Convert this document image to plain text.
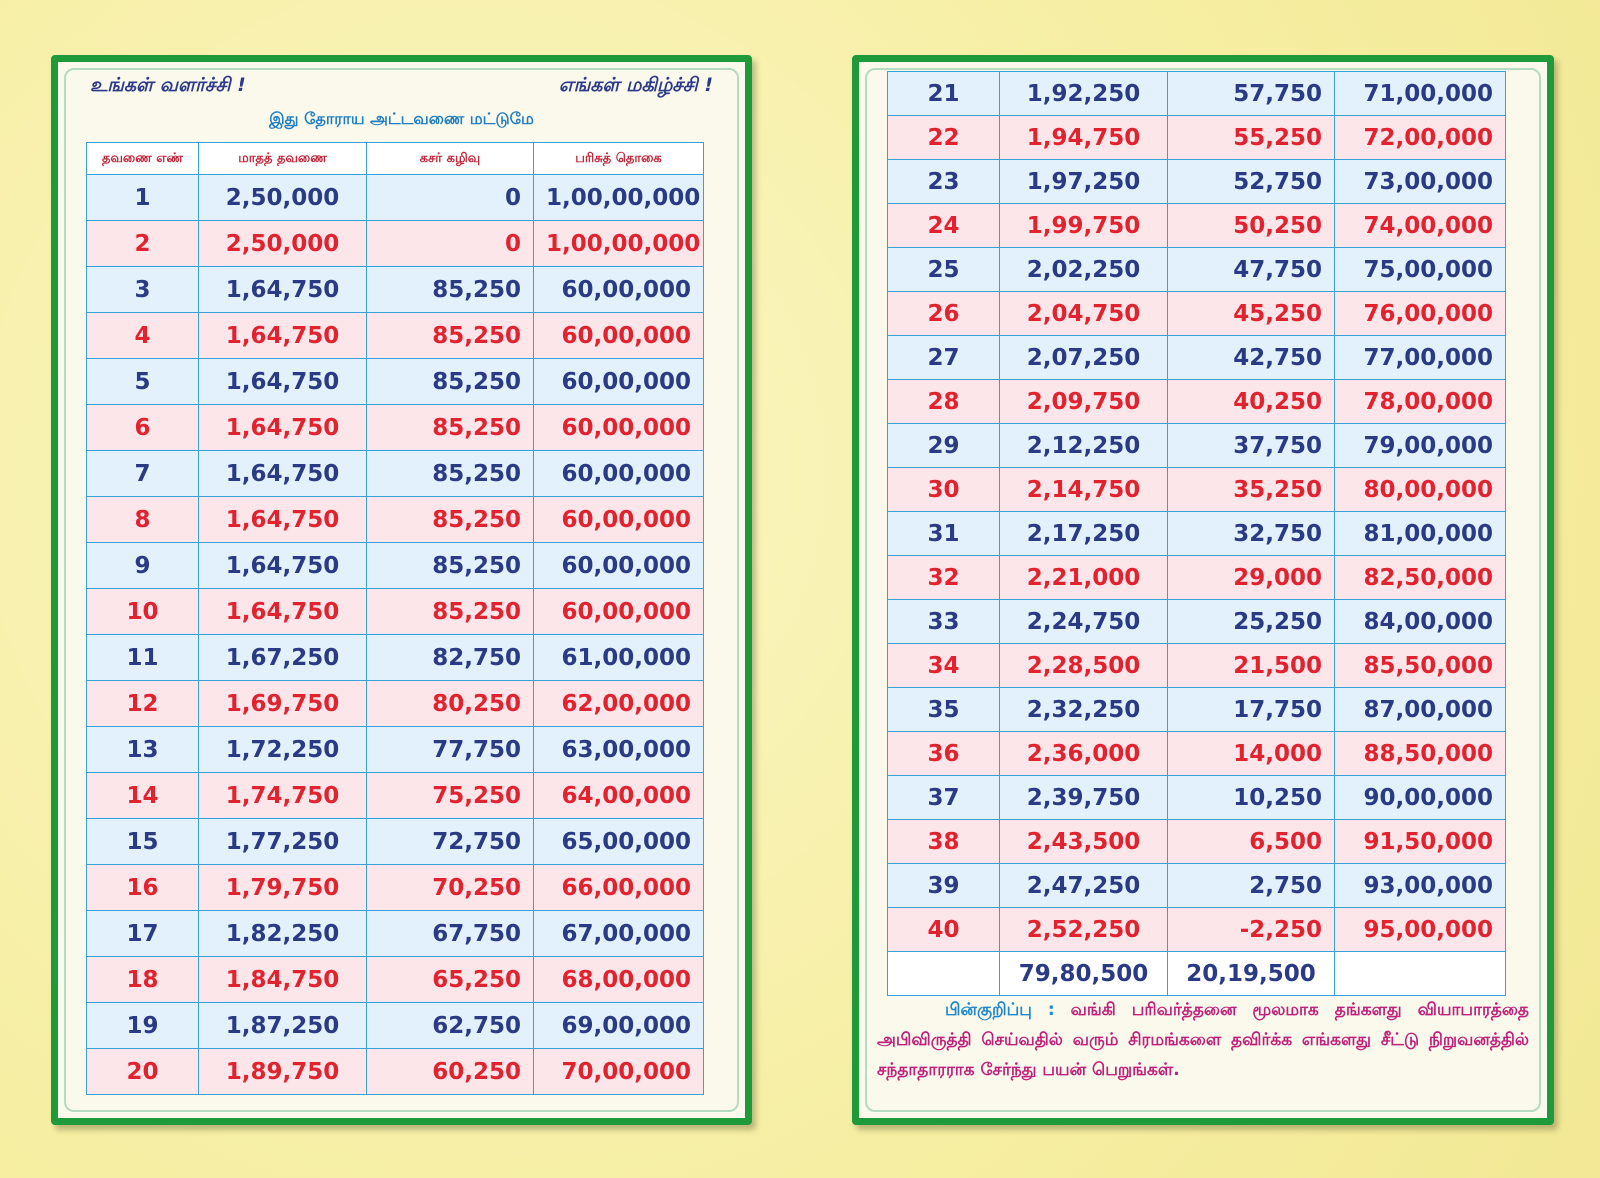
உங்கள் வளர்ச்சி !	எங்கள் மகிழ்ச்சி !
இது தோராய அட்டவணை மட்டுமே
தவணை எண்	மாதத் தவணை	கசர் கழிவு	பரிசுத் தொகை
1	2,50,000	0	1,00,00,000
2	2,50,000	0	1,00,00,000
3	1,64,750	85,250	60,00,000
4	1,64,750	85,250	60,00,000
5	1,64,750	85,250	60,00,000
6	1,64,750	85,250	60,00,000
7	1,64,750	85,250	60,00,000
8	1,64,750	85,250	60,00,000
9	1,64,750	85,250	60,00,000
10	1,64,750	85,250	60,00,000
11	1,67,250	82,750	61,00,000
12	1,69,750	80,250	62,00,000
13	1,72,250	77,750	63,00,000
14	1,74,750	75,250	64,00,000
15	1,77,250	72,750	65,00,000
16	1,79,750	70,250	66,00,000
17	1,82,250	67,750	67,00,000
18	1,84,750	65,250	68,00,000
19	1,87,250	62,750	69,00,000
20	1,89,750	60,250	70,00,000
21	1,92,250	57,750	71,00,000
22	1,94,750	55,250	72,00,000
23	1,97,250	52,750	73,00,000
24	1,99,750	50,250	74,00,000
25	2,02,250	47,750	75,00,000
26	2,04,750	45,250	76,00,000
27	2,07,250	42,750	77,00,000
28	2,09,750	40,250	78,00,000
29	2,12,250	37,750	79,00,000
30	2,14,750	35,250	80,00,000
31	2,17,250	32,750	81,00,000
32	2,21,000	29,000	82,50,000
33	2,24,750	25,250	84,00,000
34	2,28,500	21,500	85,50,000
35	2,32,250	17,750	87,00,000
36	2,36,000	14,000	88,50,000
37	2,39,750	10,250	90,00,000
38	2,43,500	6,500	91,50,000
39	2,47,250	2,750	93,00,000
40	2,52,250	-2,250	95,00,000
	79,80,500	20,19,500	
பின்குறிப்பு : வங்கி பரிவர்த்தனை மூலமாக தங்களது வியாபாரத்தை அபிவிருத்தி செய்வதில் வரும் சிரமங்களை தவிர்க்க எங்களது சீட்டு நிறுவனத்தில் சந்தாதாரராக சேர்ந்து பயன் பெறுங்கள்.
